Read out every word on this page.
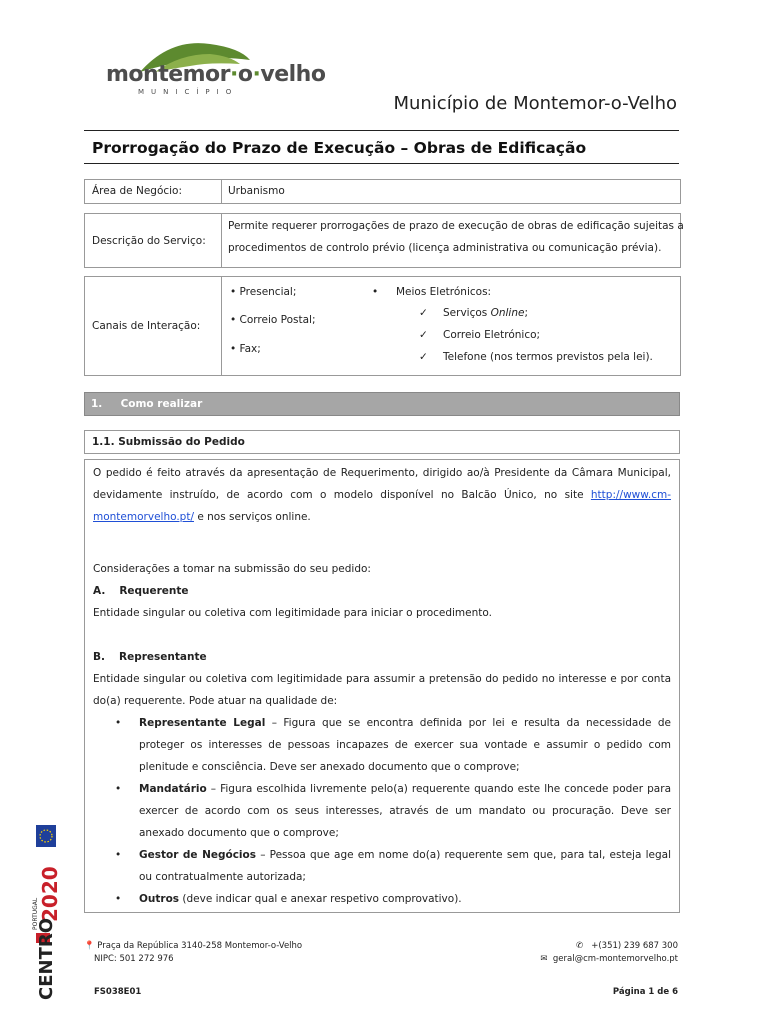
montemor·o·velho
MUNICÍPIO
Município de Montemor-o-Velho
Prorrogação do Prazo de Execução – Obras de Edificação
Área de Negócio:	Urbanismo
Descrição do Serviço:
Permite requerer prorrogações de prazo de execução de obras de edificação sujeitas a
procedimentos de controlo prévio (licença administrativa ou comunicação prévia).
Canais de Interação:
• Presencial;
• Correio Postal;
• Fax;
• Meios Eletrónicos:
✓ Serviços Online;
✓ Correio Eletrónico;
✓ Telefone (nos termos previstos pela lei).
1.     Como realizar
1.1. Submissão do Pedido
O pedido é feito através da apresentação de Requerimento, dirigido ao/à Presidente da Câmara Municipal, devidamente instruído, de acordo com o modelo disponível no Balcão Único, no site http://www.cm-montemorvelho.pt/ e nos serviços online.
Considerações a tomar na submissão do seu pedido:
A. Requerente
Entidade singular ou coletiva com legitimidade para iniciar o procedimento.
B. Representante
Entidade singular ou coletiva com legitimidade para assumir a pretensão do pedido no interesse e por conta do(a) requerente. Pode atuar na qualidade de:
• Representante Legal – Figura que se encontra definida por lei e resulta da necessidade de proteger os interesses de pessoas incapazes de exercer sua vontade e assumir o pedido com plenitude e consciência. Deve ser anexado documento que o comprove;
• Mandatário – Figura escolhida livremente pelo(a) requerente quando este lhe concede poder para exercer de acordo com os seus interesses, através de um mandato ou procuração. Deve ser anexado documento que o comprove;
• Gestor de Negócios – Pessoa que age em nome do(a) requerente sem que, para tal, esteja legal ou contratualmente autorizada;
• Outros (deve indicar qual e anexar respetivo comprovativo).
2020
PORTUGAL
CENTRO	📍 Praça da República 3140-258 Montemor-o-Velho
NIPC: 501 272 976
✆ +(351) 239 687 300
✉ geral@cm-montemorvelho.pt
FS038E01	Página 1 de 6
